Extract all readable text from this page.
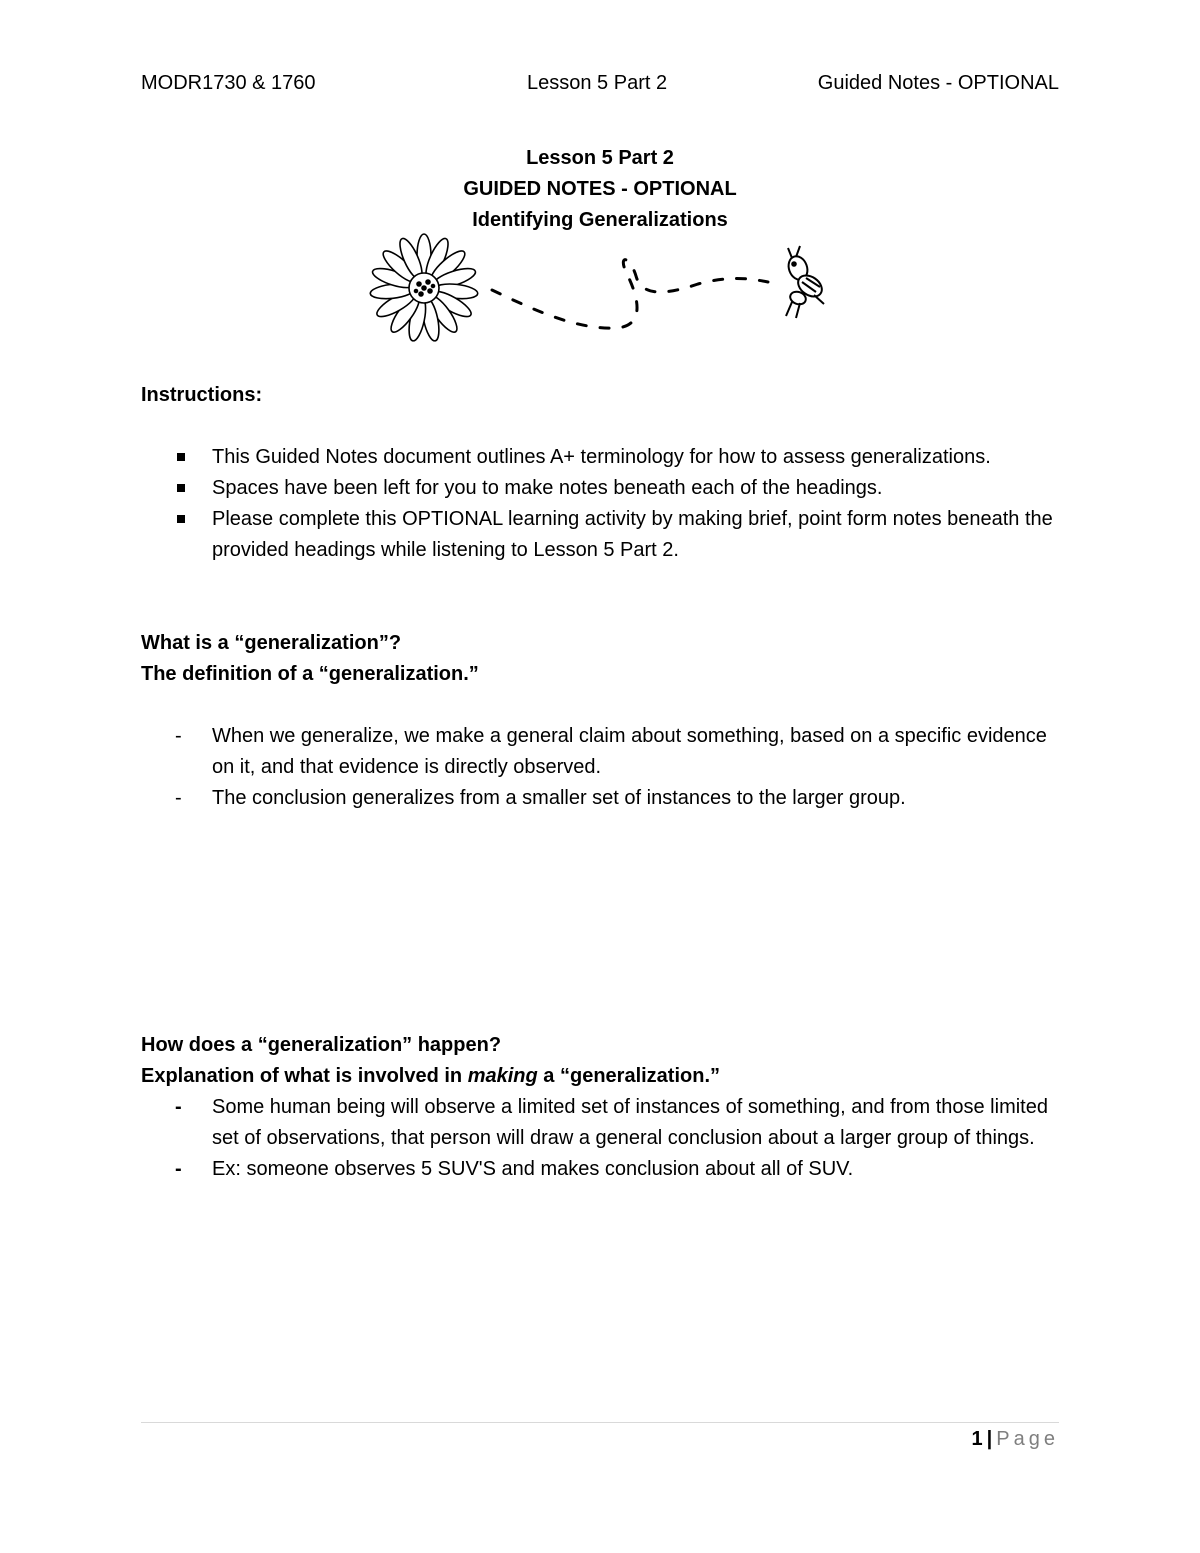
MODR1730 & 1760	Lesson 5 Part 2	Guided Notes - OPTIONAL
Lesson 5 Part 2
GUIDED NOTES - OPTIONAL
Identifying Generalizations
Instructions:
This Guided Notes document outlines A+ terminology for how to assess generalizations.
Spaces have been left for you to make notes beneath each of the headings.
Please complete this OPTIONAL learning activity by making brief, point form notes beneath the provided headings while listening to Lesson 5 Part 2.
What is a “generalization”?
The definition of a “generalization.”
- When we generalize, we make a general claim about something, based on a specific evidence on it, and that evidence is directly observed.
- The conclusion generalizes from a smaller set of instances to the larger group.
How does a “generalization” happen?
Explanation of what is involved in making a “generalization.”
- Some human being will observe a limited set of instances of something, and from those limited set of observations, that person will draw a general conclusion about a larger group of things.
- Ex: someone observes 5 SUV'S and makes conclusion about all of SUV.
1 | Page
